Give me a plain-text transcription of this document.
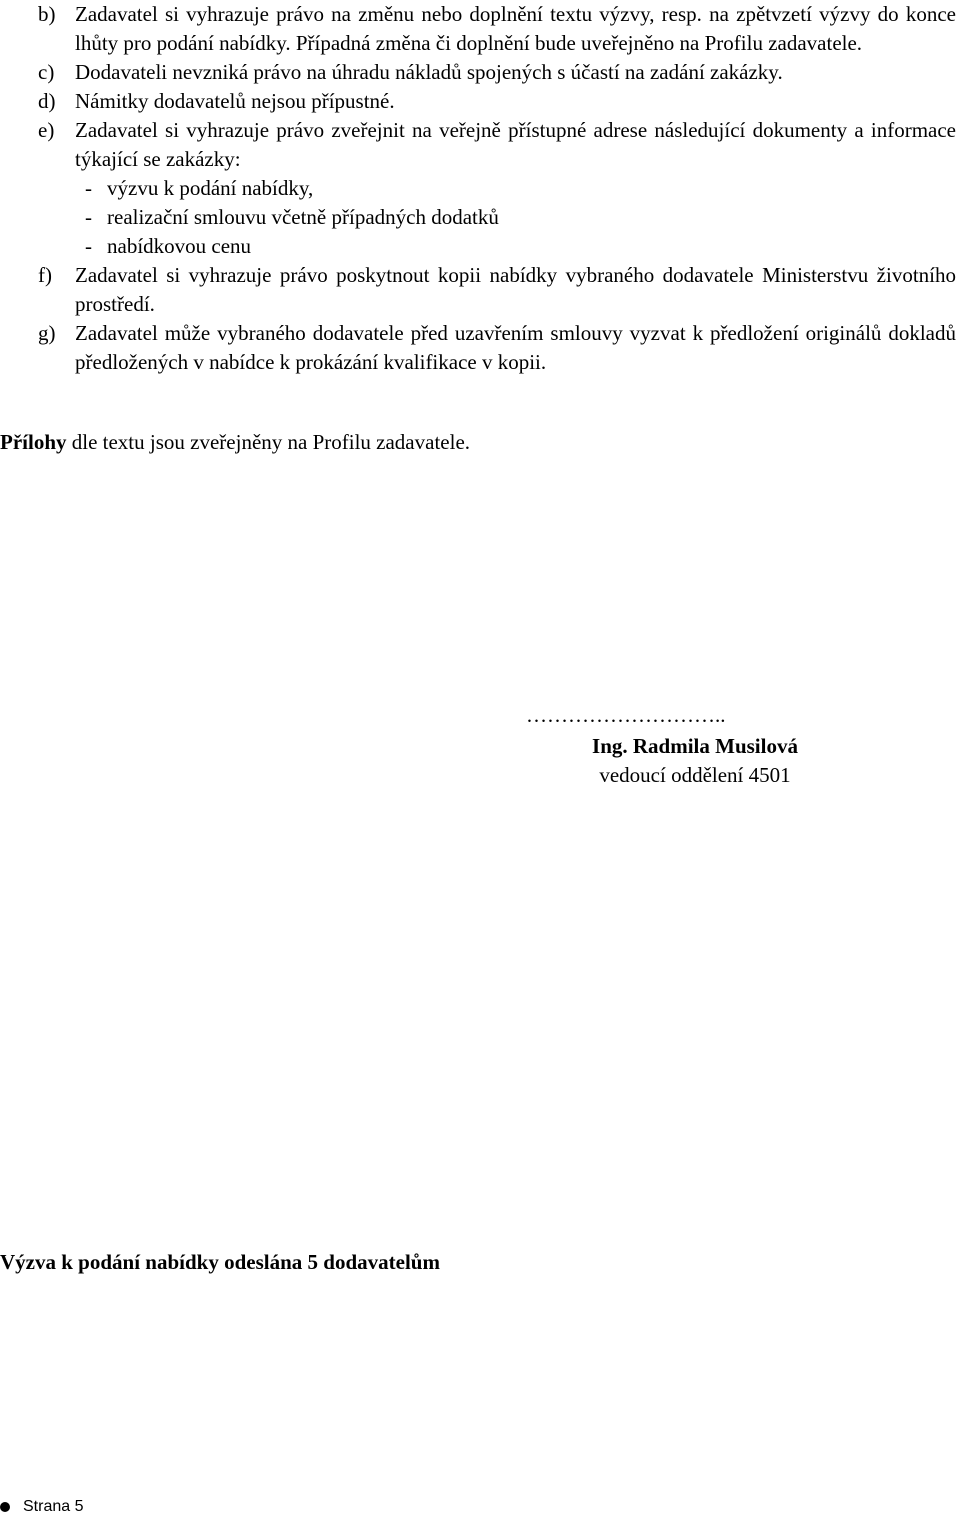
b) Zadavatel si vyhrazuje právo na změnu nebo doplnění textu výzvy, resp. na zpětvzetí výzvy do konce lhůty pro podání nabídky. Případná změna či doplnění bude uveřejněno na Profilu zadavatele.
c) Dodavateli nevzniká právo na úhradu nákladů spojených s účastí na zadání zakázky.
d) Námitky dodavatelů nejsou přípustné.
e) Zadavatel si vyhrazuje právo zveřejnit na veřejně přístupné adrese následující dokumenty a informace týkající se zakázky:
- výzvu k podání nabídky,
- realizační smlouvu včetně případných dodatků
- nabídkovou cenu
f)	Zadavatel si vyhrazuje právo poskytnout kopii nabídky vybraného dodavatele Ministerstvu životního prostředí.
g) Zadavatel může vybraného dodavatele před uzavřením smlouvy vyzvat k předložení originálů dokladů předložených v nabídce k prokázání kvalifikace v kopii.
Přílohy dle textu jsou zveřejněny na Profilu zadavatele.
………………………..
Ing. Radmila Musilová
vedoucí oddělení 4501
Výzva k podání nabídky odeslána 5 dodavatelům
Strana 5
